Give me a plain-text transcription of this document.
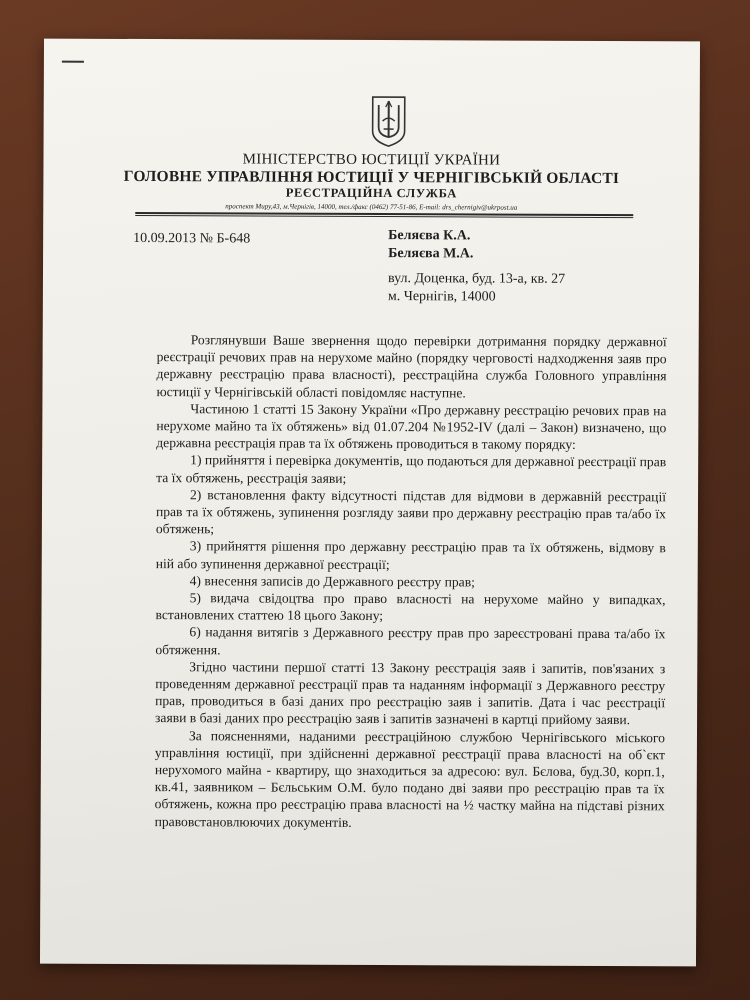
МІНІСТЕРСТВО ЮСТИЦІЇ УКРАЇНИ
ГОЛОВНЕ УПРАВЛІННЯ ЮСТИЦІЇ У ЧЕРНІГІВСЬКІЙ ОБЛАСТІ
РЕЄСТРАЦІЙНА СЛУЖБА
проспект Миру,43, м.Чернігів, 14000, тел./факс (0462) 77-51-86, E-mail: drs_chernigiv@ukrpost.ua
10.09.2013 № Б-648	Беляєва К.А.
Беляєва М.А.
вул. Доценка, буд. 13-а, кв. 27
м. Чернігів, 14000

Розглянувши Ваше звернення щодо перевірки дотримання порядку державної реєстрації речових прав на нерухоме майно (порядку черговості надходження заяв про державну реєстрацію права власності), реєстраційна служба Головного управління юстиції у Чернігівській області повідомляє наступне.

Частиною 1 статті 15 Закону України «Про державну реєстрацію речових прав на нерухоме майно та їх обтяжень» від 01.07.204 №1952-IV (далі – Закон) визначено, що державна реєстрація прав та їх обтяжень проводиться в такому порядку:

1) прийняття і перевірка документів, що подаються для державної реєстрації прав та їх обтяжень, реєстрація заяви;

2) встановлення факту відсутності підстав для відмови в державній реєстрації прав та їх обтяжень, зупинення розгляду заяви про державну реєстрацію прав та/або їх обтяжень;

3) прийняття рішення про державну реєстрацію прав та їх обтяжень, відмову в ній або зупинення державної реєстрації;

4) внесення записів до Державного реєстру прав;

5) видача свідоцтва про право власності на нерухоме майно у випадках, встановлених статтею 18 цього Закону;

6) надання витягів з Державного реєстру прав про зареєстровані права та/або їх обтяження.

Згідно частини першої статті 13 Закону реєстрація заяв і запитів, пов'язаних з проведенням державної реєстрації прав та наданням інформації з Державного реєстру прав, проводиться в базі даних про реєстрацію заяв і запитів. Дата і час реєстрації заяви в базі даних про реєстрацію заяв і запитів зазначені в картці прийому заяви.

За поясненнями, наданими реєстраційною службою Чернігівського міського управління юстиції, при здійсненні державної реєстрації права власності на об`єкт нерухомого майна - квартиру, що знаходиться за адресою: вул. Бєлова, буд.30, корп.1, кв.41, заявником – Бєльським О.М. було подано дві заяви про реєстрацію прав та їх обтяжень, кожна про реєстрацію права власності на ½ частку майна на підставі різних правовстановлюючих документів.
